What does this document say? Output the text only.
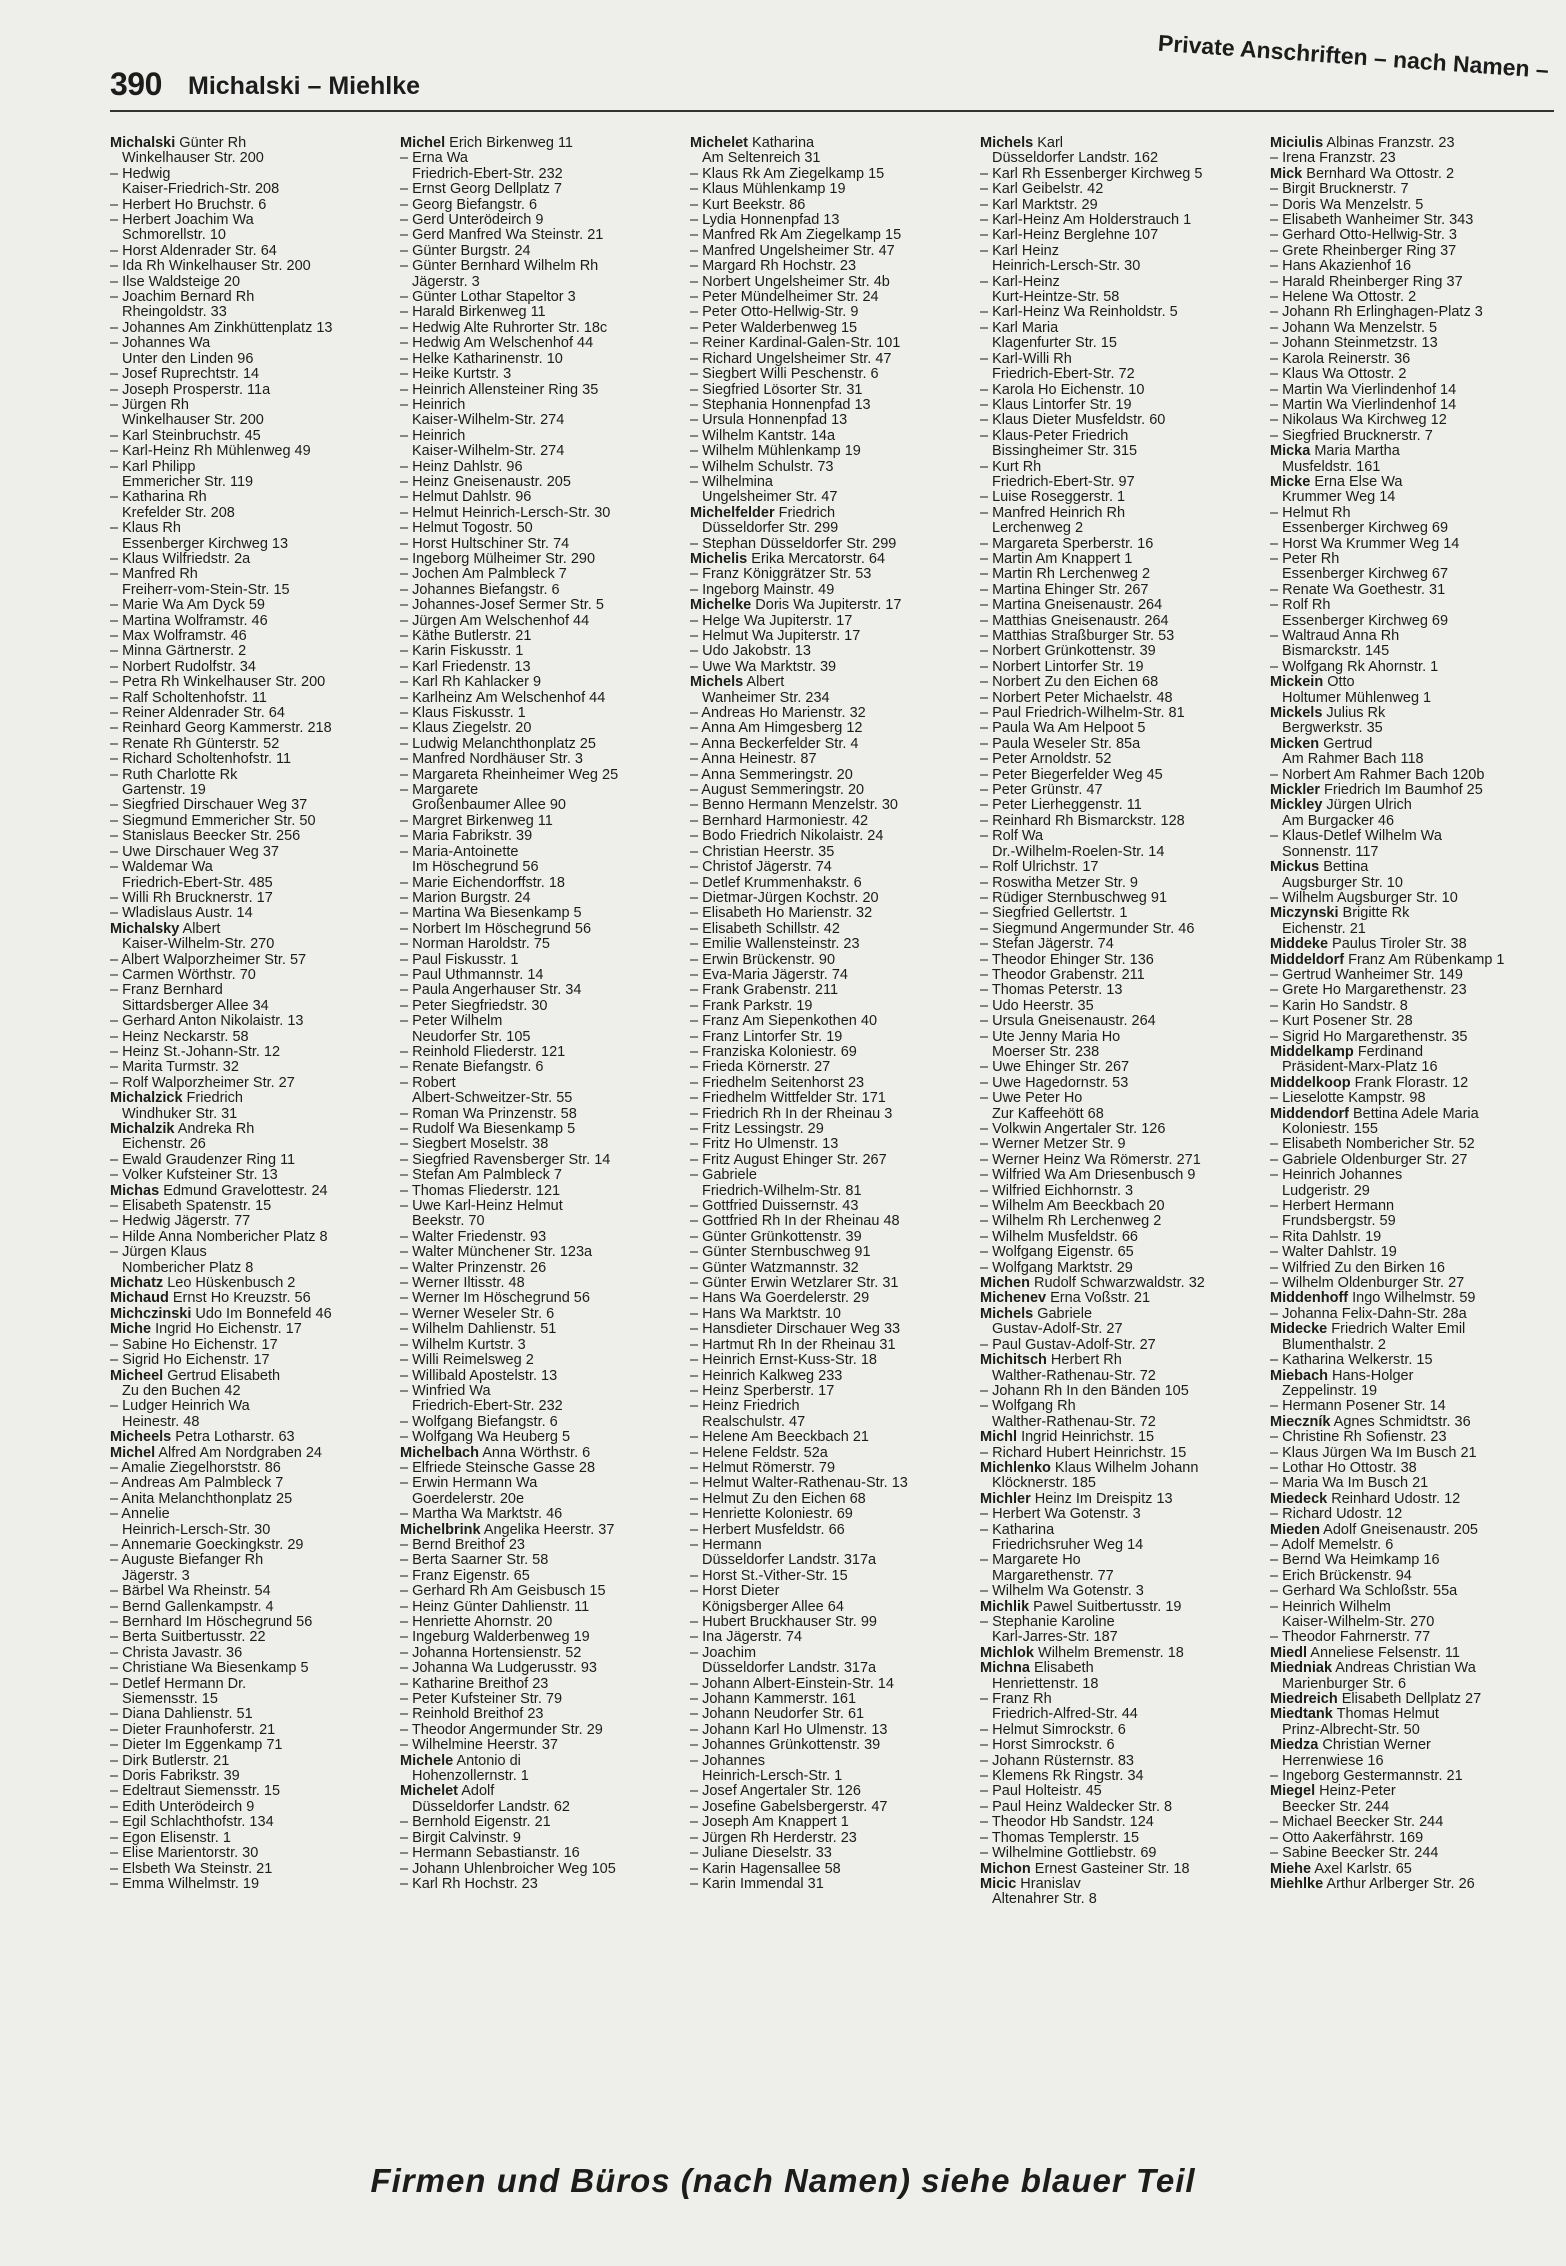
390 Michalski – Miehlke
Private Anschriften – nach Namen –
Michalski Günter Rh
Winkelhauser Str. 200
– Hedwig
Kaiser-Friedrich-Str. 208
– Herbert Ho Bruchstr. 6
– Herbert Joachim Wa
Schmorellstr. 10
– Horst Aldenrader Str. 64
– Ida Rh Winkelhauser Str. 200
– Ilse Waldsteige 20
– Joachim Bernard Rh
Rheingoldstr. 33
– Johannes Am Zinkhüttenplatz 13
– Johannes Wa
Unter den Linden 96
– Josef Ruprechtstr. 14
– Joseph Prosperstr. 11a
– Jürgen Rh
Winkelhauser Str. 200
– Karl Steinbruchstr. 45
– Karl-Heinz Rh Mühlenweg 49
– Karl Philipp
Emmericher Str. 119
– Katharina Rh
Krefelder Str. 208
– Klaus Rh
Essenberger Kirchweg 13
– Klaus Wilfriedstr. 2a
– Manfred Rh
Freiherr-vom-Stein-Str. 15
– Marie Wa Am Dyck 59
– Martina Wolframstr. 46
– Max Wolframstr. 46
– Minna Gärtnerstr. 2
– Norbert Rudolfstr. 34
– Petra Rh Winkelhauser Str. 200
– Ralf Scholtenhofstr. 11
– Reiner Aldenrader Str. 64
– Reinhard Georg Kammerstr. 218
– Renate Rh Günterstr. 52
– Richard Scholtenhofstr. 11
– Ruth Charlotte Rk
Gartenstr. 19
– Siegfried Dirschauer Weg 37
– Siegmund Emmericher Str. 50
– Stanislaus Beecker Str. 256
– Uwe Dirschauer Weg 37
– Waldemar Wa
Friedrich-Ebert-Str. 485
– Willi Rh Brucknerstr. 17
– Wladislaus Austr. 14
Michalsky Albert
Kaiser-Wilhelm-Str. 270
– Albert Walporzheimer Str. 57
– Carmen Wörthstr. 70
– Franz Bernhard
Sittardsberger Allee 34
– Gerhard Anton Nikolaistr. 13
– Heinz Neckarstr. 58
– Heinz St.-Johann-Str. 12
– Marita Turmstr. 32
– Rolf Walporzheimer Str. 27
Michalzick Friedrich
Windhuker Str. 31
Michalzik Andreka Rh
Eichenstr. 26
– Ewald Graudenzer Ring 11
– Volker Kufsteiner Str. 13
Michas Edmund Gravelottestr. 24
– Elisabeth Spatenstr. 15
– Hedwig Jägerstr. 77
– Hilde Anna Nombericher Platz 8
– Jürgen Klaus
Nombericher Platz 8
Michatz Leo Hüskenbusch 2
Michaud Ernst Ho Kreuzstr. 56
Michczinski Udo Im Bonnefeld 46
Miche Ingrid Ho Eichenstr. 17
– Sabine Ho Eichenstr. 17
– Sigrid Ho Eichenstr. 17
Micheel Gertrud Elisabeth
Zu den Buchen 42
– Ludger Heinrich Wa
Heinestr. 48
Micheels Petra Lotharstr. 63
Michel Alfred Am Nordgraben 24
– Amalie Ziegelhorststr. 86
– Andreas Am Palmbleck 7
– Anita Melanchthonplatz 25
– Annelie
Heinrich-Lersch-Str. 30
– Annemarie Goeckingkstr. 29
– Auguste Biefanger Rh
Jägerstr. 3
– Bärbel Wa Rheinstr. 54
– Bernd Gallenkampstr. 4
– Bernhard Im Höschegrund 56
– Berta Suitbertusstr. 22
– Christa Javastr. 36
– Christiane Wa Biesenkamp 5
– Detlef Hermann Dr.
Siemensstr. 15
– Diana Dahlienstr. 51
– Dieter Fraunhoferstr. 21
– Dieter Im Eggenkamp 71
– Dirk Butlerstr. 21
– Doris Fabrikstr. 39
– Edeltraut Siemensstr. 15
– Edith Unterödeirch 9
– Egil Schlachthofstr. 134
– Egon Elisenstr. 1
– Elise Marientorstr. 30
– Elsbeth Wa Steinstr. 21
– Emma Wilhelmstr. 19
Michel Erich Birkenweg 11
– Erna Wa
Friedrich-Ebert-Str. 232
– Ernst Georg Dellplatz 7
– Georg Biefangstr. 6
– Gerd Unterödeirch 9
– Gerd Manfred Wa Steinstr. 21
– Günter Burgstr. 24
– Günter Bernhard Wilhelm Rh
Jägerstr. 3
– Günter Lothar Stapeltor 3
– Harald Birkenweg 11
– Hedwig Alte Ruhrorter Str. 18c
– Hedwig Am Welschenhof 44
– Helke Katharinenstr. 10
– Heike Kurtstr. 3
– Heinrich Allensteiner Ring 35
– Heinrich
Kaiser-Wilhelm-Str. 274
– Heinrich
Kaiser-Wilhelm-Str. 274
– Heinz Dahlstr. 96
– Heinz Gneisenaustr. 205
– Helmut Dahlstr. 96
– Helmut Heinrich-Lersch-Str. 30
– Helmut Togostr. 50
– Horst Hultschiner Str. 74
– Ingeborg Mülheimer Str. 290
– Jochen Am Palmbleck 7
– Johannes Biefangstr. 6
– Johannes-Josef Sermer Str. 5
– Jürgen Am Welschenhof 44
– Käthe Butlerstr. 21
– Karin Fiskusstr. 1
– Karl Friedenstr. 13
– Karl Rh Kahlacker 9
– Karlheinz Am Welschenhof 44
– Klaus Fiskusstr. 1
– Klaus Ziegelstr. 20
– Ludwig Melanchthonplatz 25
– Manfred Nordhäuser Str. 3
– Margareta Rheinheimer Weg 25
– Margarete
Großenbaumer Allee 90
– Margret Birkenweg 11
– Maria Fabrikstr. 39
– Maria-Antoinette
Im Höschegrund 56
– Marie Eichendorffstr. 18
– Marion Burgstr. 24
– Martina Wa Biesenkamp 5
– Norbert Im Höschegrund 56
– Norman Haroldstr. 75
– Paul Fiskusstr. 1
– Paul Uthmannstr. 14
– Paula Angerhauser Str. 34
– Peter Siegfriedstr. 30
– Peter Wilhelm
Neudorfer Str. 105
– Reinhold Fliederstr. 121
– Renate Biefangstr. 6
– Robert
Albert-Schweitzer-Str. 55
– Roman Wa Prinzenstr. 58
– Rudolf Wa Biesenkamp 5
– Siegbert Moselstr. 38
– Siegfried Ravensberger Str. 14
– Stefan Am Palmbleck 7
– Thomas Fliederstr. 121
– Uwe Karl-Heinz Helmut
Beekstr. 70
– Walter Friedenstr. 93
– Walter Münchener Str. 123a
– Walter Prinzenstr. 26
– Werner Iltisstr. 48
– Werner Im Höschegrund 56
– Werner Weseler Str. 6
– Wilhelm Dahlienstr. 51
– Wilhelm Kurtstr. 3
– Willi Reimelsweg 2
– Willibald Apostelstr. 13
– Winfried Wa
Friedrich-Ebert-Str. 232
– Wolfgang Biefangstr. 6
– Wolfgang Wa Heuberg 5
Michelbach Anna Wörthstr. 6
– Elfriede Steinsche Gasse 28
– Erwin Hermann Wa
Goerdelerstr. 20e
– Martha Wa Marktstr. 46
Michelbrink Angelika Heerstr. 37
– Bernd Breithof 23
– Berta Saarner Str. 58
– Franz Eigenstr. 65
– Gerhard Rh Am Geisbusch 15
– Heinz Günter Dahlienstr. 11
– Henriette Ahornstr. 20
– Ingeburg Walderbenweg 19
– Johanna Hortensienstr. 52
– Johanna Wa Ludgerusstr. 93
– Katharine Breithof 23
– Peter Kufsteiner Str. 79
– Reinhold Breithof 23
– Theodor Angermunder Str. 29
– Wilhelmine Heerstr. 37
Michele Antonio di
Hohenzollernstr. 1
Michelet Adolf
Düsseldorfer Landstr. 62
– Bernhold Eigenstr. 21
– Birgit Calvinstr. 9
– Hermann Sebastianstr. 16
– Johann Uhlenbroicher Weg 105
– Karl Rh Hochstr. 23
Michelet Katharina
Am Seltenreich 31
– Klaus Rk Am Ziegelkamp 15
– Klaus Mühlenkamp 19
– Kurt Beekstr. 86
– Lydia Honnenpfad 13
– Manfred Rk Am Ziegelkamp 15
– Manfred Ungelsheimer Str. 47
– Margard Rh Hochstr. 23
– Norbert Ungelsheimer Str. 4b
– Peter Mündelheimer Str. 24
– Peter Otto-Hellwig-Str. 9
– Peter Walderbenweg 15
– Reiner Kardinal-Galen-Str. 101
– Richard Ungelsheimer Str. 47
– Siegbert Willi Peschenstr. 6
– Siegfried Lösorter Str. 31
– Stephania Honnenpfad 13
– Ursula Honnenpfad 13
– Wilhelm Kantstr. 14a
– Wilhelm Mühlenkamp 19
– Wilhelm Schulstr. 73
– Wilhelmina
Ungelsheimer Str. 47
Michelfelder Friedrich
Düsseldorfer Str. 299
– Stephan Düsseldorfer Str. 299
Michelis Erika Mercatorstr. 64
– Franz Königgrätzer Str. 53
– Ingeborg Mainstr. 49
Michelke Doris Wa Jupiterstr. 17
– Helge Wa Jupiterstr. 17
– Helmut Wa Jupiterstr. 17
– Udo Jakobstr. 13
– Uwe Wa Marktstr. 39
Michels Albert
Wanheimer Str. 234
– Andreas Ho Marienstr. 32
– Anna Am Himgesberg 12
– Anna Beckerfelder Str. 4
– Anna Heinestr. 87
– Anna Semmeringstr. 20
– August Semmeringstr. 20
– Benno Hermann Menzelstr. 30
– Bernhard Harmoniestr. 42
– Bodo Friedrich Nikolaistr. 24
– Christian Heerstr. 35
– Christof Jägerstr. 74
– Detlef Krummenhakstr. 6
– Dietmar-Jürgen Kochstr. 20
– Elisabeth Ho Marienstr. 32
– Elisabeth Schillstr. 42
– Emilie Wallensteinstr. 23
– Erwin Brückenstr. 90
– Eva-Maria Jägerstr. 74
– Frank Grabenstr. 211
– Frank Parkstr. 19
– Franz Am Siepenkothen 40
– Franz Lintorfer Str. 19
– Franziska Koloniestr. 69
– Frieda Körnerstr. 27
– Friedhelm Seitenhorst 23
– Friedhelm Wittfelder Str. 171
– Friedrich Rh In der Rheinau 3
– Fritz Lessingstr. 29
– Fritz Ho Ulmenstr. 13
– Fritz August Ehinger Str. 267
– Gabriele
Friedrich-Wilhelm-Str. 81
– Gottfried Duissernstr. 43
– Gottfried Rh In der Rheinau 48
– Günter Grünkottenstr. 39
– Günter Sternbuschweg 91
– Günter Watzmannstr. 32
– Günter Erwin Wetzlarer Str. 31
– Hans Wa Goerdelerstr. 29
– Hans Wa Marktstr. 10
– Hansdieter Dirschauer Weg 33
– Hartmut Rh In der Rheinau 31
– Heinrich Ernst-Kuss-Str. 18
– Heinrich Kalkweg 233
– Heinz Sperberstr. 17
– Heinz Friedrich
Realschulstr. 47
– Helene Am Beeckbach 21
– Helene Feldstr. 52a
– Helmut Römerstr. 79
– Helmut Walter-Rathenau-Str. 13
– Helmut Zu den Eichen 68
– Henriette Koloniestr. 69
– Herbert Musfeldstr. 66
– Hermann
Düsseldorfer Landstr. 317a
– Horst St.-Vither-Str. 15
– Horst Dieter
Königsberger Allee 64
– Hubert Bruckhauser Str. 99
– Ina Jägerstr. 74
– Joachim
Düsseldorfer Landstr. 317a
– Johann Albert-Einstein-Str. 14
– Johann Kammerstr. 161
– Johann Neudorfer Str. 61
– Johann Karl Ho Ulmenstr. 13
– Johannes Grünkottenstr. 39
– Johannes
Heinrich-Lersch-Str. 1
– Josef Angertaler Str. 126
– Josefine Gabelsbergerstr. 47
– Joseph Am Knappert 1
– Jürgen Rh Herderstr. 23
– Juliane Dieselstr. 33
– Karin Hagensallee 58
– Karin Immendal 31
Michels Karl
Düsseldorfer Landstr. 162
– Karl Rh Essenberger Kirchweg 5
– Karl Geibelstr. 42
– Karl Marktstr. 29
– Karl-Heinz Am Holderstrauch 1
– Karl-Heinz Berglehne 107
– Karl Heinz
Heinrich-Lersch-Str. 30
– Karl-Heinz
Kurt-Heintze-Str. 58
– Karl-Heinz Wa Reinholdstr. 5
– Karl Maria
Klagenfurter Str. 15
– Karl-Willi Rh
Friedrich-Ebert-Str. 72
– Karola Ho Eichenstr. 10
– Klaus Lintorfer Str. 19
– Klaus Dieter Musfeldstr. 60
– Klaus-Peter Friedrich
Bissingheimer Str. 315
– Kurt Rh
Friedrich-Ebert-Str. 97
– Luise Roseggerstr. 1
– Manfred Heinrich Rh
Lerchenweg 2
– Margareta Sperberstr. 16
– Martin Am Knappert 1
– Martin Rh Lerchenweg 2
– Martina Ehinger Str. 267
– Martina Gneisenaustr. 264
– Matthias Gneisenaustr. 264
– Matthias Straßburger Str. 53
– Norbert Grünkottenstr. 39
– Norbert Lintorfer Str. 19
– Norbert Zu den Eichen 68
– Norbert Peter Michaelstr. 48
– Paul Friedrich-Wilhelm-Str. 81
– Paula Wa Am Helpoot 5
– Paula Weseler Str. 85a
– Peter Arnoldstr. 52
– Peter Biegerfelder Weg 45
– Peter Grünstr. 47
– Peter Lierheggenstr. 11
– Reinhard Rh Bismarckstr. 128
– Rolf Wa
Dr.-Wilhelm-Roelen-Str. 14
– Rolf Ulrichstr. 17
– Roswitha Metzer Str. 9
– Rüdiger Sternbuschweg 91
– Siegfried Gellertstr. 1
– Siegmund Angermunder Str. 46
– Stefan Jägerstr. 74
– Theodor Ehinger Str. 136
– Theodor Grabenstr. 211
– Thomas Peterstr. 13
– Udo Heerstr. 35
– Ursula Gneisenaustr. 264
– Ute Jenny Maria Ho
Moerser Str. 238
– Uwe Ehinger Str. 267
– Uwe Hagedornstr. 53
– Uwe Peter Ho
Zur Kaffeehött 68
– Volkwin Angertaler Str. 126
– Werner Metzer Str. 9
– Werner Heinz Wa Römerstr. 271
– Wilfried Wa Am Driesenbusch 9
– Wilfried Eichhornstr. 3
– Wilhelm Am Beeckbach 20
– Wilhelm Rh Lerchenweg 2
– Wilhelm Musfeldstr. 66
– Wolfgang Eigenstr. 65
– Wolfgang Marktstr. 29
Michen Rudolf Schwarzwaldstr. 32
Michenev Erna Voßstr. 21
Michels Gabriele
Gustav-Adolf-Str. 27
– Paul Gustav-Adolf-Str. 27
Michitsch Herbert Rh
Walther-Rathenau-Str. 72
– Johann Rh In den Bänden 105
– Wolfgang Rh
Walther-Rathenau-Str. 72
Michl Ingrid Heinrichstr. 15
– Richard Hubert Heinrichstr. 15
Michlenko Klaus Wilhelm Johann
Klöcknerstr. 185
Michler Heinz Im Dreispitz 13
– Herbert Wa Gotenstr. 3
– Katharina
Friedrichsruher Weg 14
– Margarete Ho
Margarethenstr. 77
– Wilhelm Wa Gotenstr. 3
Michlik Pawel Suitbertusstr. 19
– Stephanie Karoline
Karl-Jarres-Str. 187
Michlok Wilhelm Bremenstr. 18
Michna Elisabeth
Henriettenstr. 18
– Franz Rh
Friedrich-Alfred-Str. 44
– Helmut Simrockstr. 6
– Horst Simrockstr. 6
– Johann Rüsternstr. 83
– Klemens Rk Ringstr. 34
– Paul Holteistr. 45
– Paul Heinz Waldecker Str. 8
– Theodor Hb Sandstr. 124
– Thomas Templerstr. 15
– Wilhelmine Gottliebstr. 69
Michon Ernest Gasteiner Str. 18
Micic Hranislav
Altenahrer Str. 8
Miciulis Albinas Franzstr. 23
– Irena Franzstr. 23
Mick Bernhard Wa Ottostr. 2
– Birgit Brucknerstr. 7
– Doris Wa Menzelstr. 5
– Elisabeth Wanheimer Str. 343
– Gerhard Otto-Hellwig-Str. 3
– Grete Rheinberger Ring 37
– Hans Akazienhof 16
– Harald Rheinberger Ring 37
– Helene Wa Ottostr. 2
– Johann Rh Erlinghagen-Platz 3
– Johann Wa Menzelstr. 5
– Johann Steinmetzstr. 13
– Karola Reinerstr. 36
– Klaus Wa Ottostr. 2
– Martin Wa Vierlindenhof 14
– Martin Wa Vierlindenhof 14
– Nikolaus Wa Kirchweg 12
– Siegfried Brucknerstr. 7
Micka Maria Martha
Musfeldstr. 161
Micke Erna Else Wa
Krummer Weg 14
– Helmut Rh
Essenberger Kirchweg 69
– Horst Wa Krummer Weg 14
– Peter Rh
Essenberger Kirchweg 67
– Renate Wa Goethestr. 31
– Rolf Rh
Essenberger Kirchweg 69
– Waltraud Anna Rh
Bismarckstr. 145
– Wolfgang Rk Ahornstr. 1
Mickein Otto
Holtumer Mühlenweg 1
Mickels Julius Rk
Bergwerkstr. 35
Micken Gertrud
Am Rahmer Bach 118
– Norbert Am Rahmer Bach 120b
Mickler Friedrich Im Baumhof 25
Mickley Jürgen Ulrich
Am Burgacker 46
– Klaus-Detlef Wilhelm Wa
Sonnenstr. 117
Mickus Bettina
Augsburger Str. 10
– Wilhelm Augsburger Str. 10
Miczynski Brigitte Rk
Eichenstr. 21
Middeke Paulus Tiroler Str. 38
Middeldorf Franz Am Rübenkamp 1
– Gertrud Wanheimer Str. 149
– Grete Ho Margarethenstr. 23
– Karin Ho Sandstr. 8
– Kurt Posener Str. 28
– Sigrid Ho Margarethenstr. 35
Middelkamp Ferdinand
Präsident-Marx-Platz 16
Middelkoop Frank Florastr. 12
– Lieselotte Kampstr. 98
Middendorf Bettina Adele Maria
Koloniestr. 155
– Elisabeth Nombericher Str. 52
– Gabriele Oldenburger Str. 27
– Heinrich Johannes
Ludgeristr. 29
– Herbert Hermann
Frundsbergstr. 59
– Rita Dahlstr. 19
– Walter Dahlstr. 19
– Wilfried Zu den Birken 16
– Wilhelm Oldenburger Str. 27
Middenhoff Ingo Wilhelmstr. 59
– Johanna Felix-Dahn-Str. 28a
Midecke Friedrich Walter Emil
Blumenthalstr. 2
– Katharina Welkerstr. 15
Miebach Hans-Holger
Zeppelinstr. 19
– Hermann Posener Str. 14
Mieczník Agnes Schmidtstr. 36
– Christine Rh Sofienstr. 23
– Klaus Jürgen Wa Im Busch 21
– Lothar Ho Ottostr. 38
– Maria Wa Im Busch 21
Miedeck Reinhard Udostr. 12
– Richard Udostr. 12
Mieden Adolf Gneisenaustr. 205
– Adolf Memelstr. 6
– Bernd Wa Heimkamp 16
– Erich Brückenstr. 94
– Gerhard Wa Schloßstr. 55a
– Heinrich Wilhelm
Kaiser-Wilhelm-Str. 270
– Theodor Fahrnerstr. 77
Miedl Anneliese Felsenstr. 11
Miedniak Andreas Christian Wa
Marienburger Str. 6
Miedreich Elisabeth Dellplatz 27
Miedtank Thomas Helmut
Prinz-Albrecht-Str. 50
Miedza Christian Werner
Herrenwiese 16
– Ingeborg Gestermannstr. 21
Miegel Heinz-Peter
Beecker Str. 244
– Michael Beecker Str. 244
– Otto Aakerfährstr. 169
– Sabine Beecker Str. 244
Miehe Axel Karlstr. 65
Miehlke Arthur Arlberger Str. 26
Firmen und Büros (nach Namen) siehe blauer Teil
